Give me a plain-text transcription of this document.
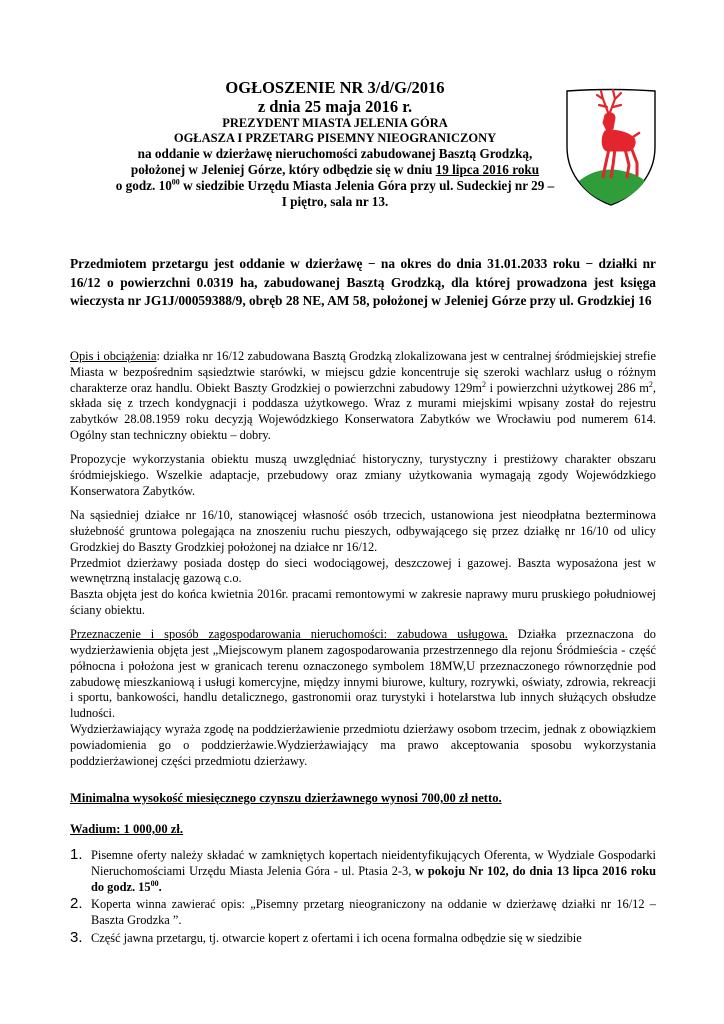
OGŁOSZENIE NR 3/d/G/2016
z dnia 25 maja 2016 r.
PREZYDENT MIASTA JELENIA GÓRA
OGŁASZA I PRZETARG PISEMNY NIEOGRANICZONY
na oddanie w dzierżawę nieruchomości zabudowanej Basztą Grodzką,
położonej w Jeleniej Górze, który odbędzie się w dniu 19 lipca 2016 roku
o godz. $10^{00}$ w siedzibie Urzędu Miasta Jelenia Góra przy ul. Sudeckiej nr 29 –
I piętro, sala nr 13.
Przedmiotem przetargu jest oddanie w dzierżawę − na okres do dnia 31.01.2033 roku − działki nr 16/12 o powierzchni 0.0319 ha, zabudowanej Basztą Grodzką, dla której prowadzona jest księga wieczysta nr JG1J/00059388/9, obręb 28 NE, AM 58, położonej w Jeleniej Górze przy ul. Grodzkiej 16

Opis i obciążenia: działka nr 16/12 zabudowana Basztą Grodzką zlokalizowana jest w centralnej śródmiejskiej strefie Miasta w bezpośrednim sąsiedztwie starówki, w miejscu gdzie koncentruje się szeroki wachlarz usług o różnym charakterze oraz handlu. Obiekt Baszty Grodzkiej o powierzchni zabudowy $129m^2$ i powierzchni użytkowej 286 $m^2$, składa się z trzech kondygnacji i poddasza użytkowego. Wraz z murami miejskimi wpisany został do rejestru zabytków 28.08.1959 roku decyzją Wojewódzkiego Konserwatora Zabytków we Wrocławiu pod numerem 614. Ogólny stan techniczny obiektu – dobry.

Propozycje wykorzystania obiektu muszą uwzględniać historyczny, turystyczny i prestiżowy charakter obszaru śródmiejskiego. Wszelkie adaptacje, przebudowy oraz zmiany użytkowania wymagają zgody Wojewódzkiego Konserwatora Zabytków.

Na sąsiedniej działce nr 16/10, stanowiącej własność osób trzecich, ustanowiona jest nieodpłatna bezterminowa służebność gruntowa polegająca na znoszeniu ruchu pieszych, odbywającego się przez działkę nr 16/10 od ulicy Grodzkiej do Baszty Grodzkiej położonej na działce nr 16/12.

Przedmiot dzierżawy posiada dostęp do sieci wodociągowej, deszczowej i gazowej. Baszta wyposażona jest w wewnętrzną instalację gazową c.o.

Baszta objęta jest do końca kwietnia 2016r. pracami remontowymi w zakresie naprawy muru pruskiego południowej ściany obiektu.

Przeznaczenie i sposób zagospodarowania nieruchomości: zabudowa usługowa. Działka przeznaczona do wydzierżawienia objęta jest „Miejscowym planem zagospodarowania przestrzennego dla rejonu Śródmieścia - część północna i położona jest w granicach terenu oznaczonego symbolem 18MW,U przeznaczonego równorzędnie pod zabudowę mieszkaniową i usługi komercyjne, między innymi biurowe, kultury, rozrywki, oświaty, zdrowia, rekreacji i sportu, bankowości, handlu detalicznego, gastronomii oraz turystyki i hotelarstwa lub innych służących obsłudze ludności.

Wydzierżawiający wyraża zgodę na poddzierżawienie przedmiotu dzierżawy osobom trzecim, jednak z obowiązkiem powiadomienia go o poddzierżawie.Wydzierżawiający ma prawo akceptowania sposobu wykorzystania poddzierżawionej części przedmiotu dzierżawy.

Minimalna wysokość miesięcznego czynszu dzierżawnego wynosi 700,00 zł netto.
Wadium: 1 000,00 zł.
1. Pisemne oferty należy składać w zamkniętych kopertach nieidentyfikujących Oferenta, w Wydziale Gospodarki Nieruchomościami Urzędu Miasta Jelenia Góra - ul. Ptasia 2-3, w pokoju Nr 102, do dnia 13 lipca 2016 roku do godz. $15^{00}$.
2. Koperta winna zawierać opis: „Pisemny przetarg nieograniczony na oddanie w dzierżawę działki nr 16/12 – Baszta Grodzka ”.
3. Część jawna przetargu, tj. otwarcie kopert z ofertami i ich ocena formalna odbędzie się w siedzibie
